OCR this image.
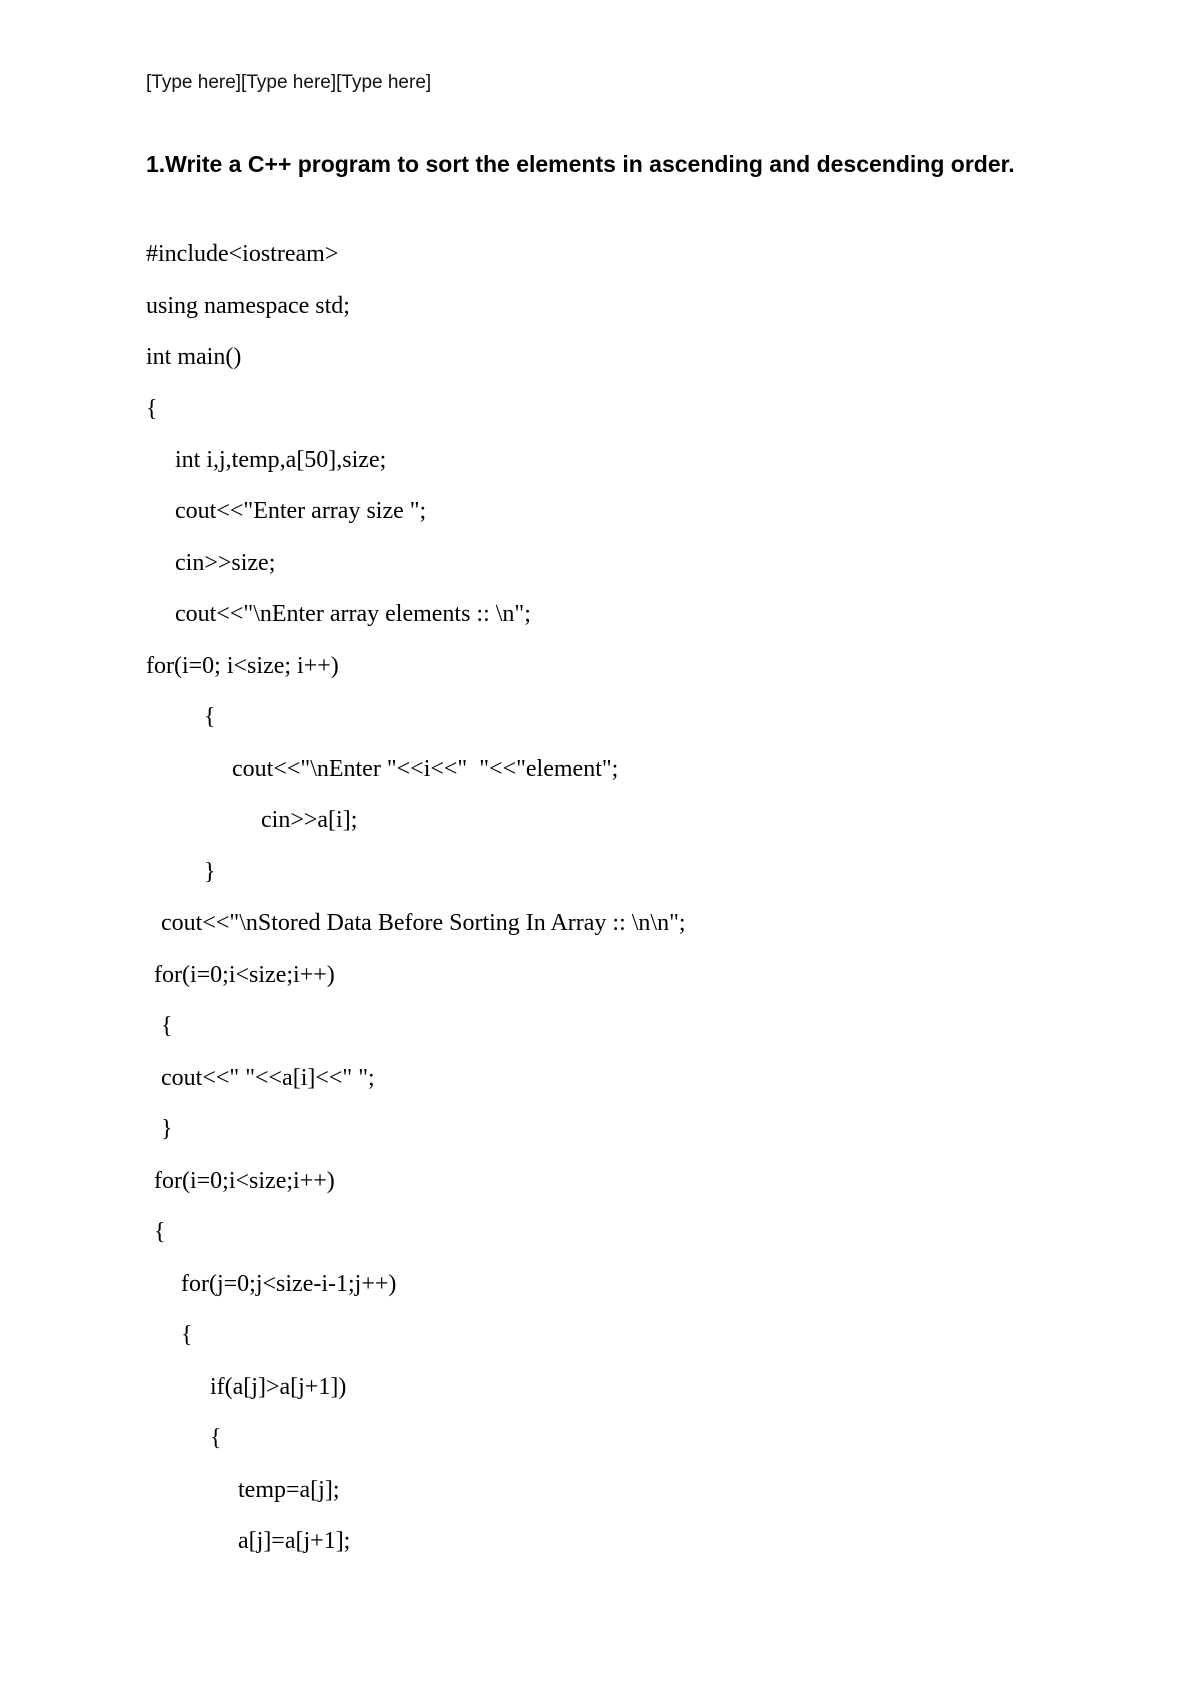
[Type here][Type here][Type here]
1.Write a C++ program to sort the elements in ascending and descending order.
#include<iostream>
using namespace std;
int main()
{
int i,j,temp,a[50],size;
cout<<"Enter array size ";
cin>>size;
cout<<"\nEnter array elements :: \n";
for(i=0; i<size; i++)
{
cout<<"\nEnter "<<i<<"  "<<"element";
cin>>a[i];
}
cout<<"\nStored Data Before Sorting In Array :: \n\n";
for(i=0;i<size;i++)
{
cout<<" "<<a[i]<<" ";
}
for(i=0;i<size;i++)
{
for(j=0;j<size-i-1;j++)
{
if(a[j]>a[j+1])
{
temp=a[j];
a[j]=a[j+1];
